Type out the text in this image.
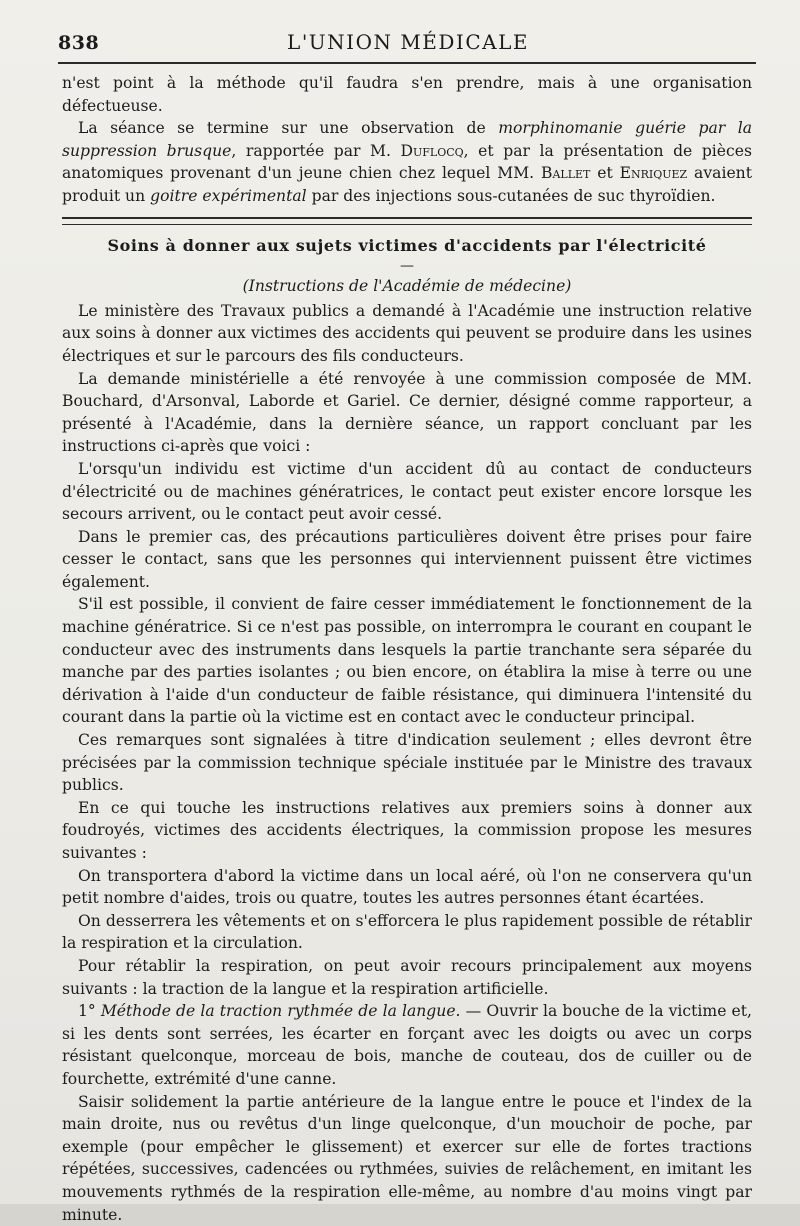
838	L'UNION MÉDICALE

n'est point à la méthode qu'il faudra s'en prendre, mais à une organisation défectueuse.

La séance se termine sur une observation de morphinomanie guérie par la suppression brusque, rapportée par M. Duflocq, et par la présentation de pièces anatomiques provenant d'un jeune chien chez lequel MM. Ballet et Enriquez avaient produit un goitre expérimental par des injections sous-cutanées de suc thyroïdien.

Soins à donner aux sujets victimes d'accidents par l'électricité
—
(Instructions de l'Académie de médecine)

Le ministère des Travaux publics a demandé à l'Académie une instruction relative aux soins à donner aux victimes des accidents qui peuvent se produire dans les usines électriques et sur le parcours des fils conducteurs.

La demande ministérielle a été renvoyée à une commission composée de MM. Bouchard, d'Arsonval, Laborde et Gariel. Ce dernier, désigné comme rapporteur, a présenté à l'Académie, dans la dernière séance, un rapport concluant par les instructions ci-après que voici :

L'orsqu'un individu est victime d'un accident dû au contact de conducteurs d'électricité ou de machines génératrices, le contact peut exister encore lorsque les secours arrivent, ou le contact peut avoir cessé.

Dans le premier cas, des précautions particulières doivent être prises pour faire cesser le contact, sans que les personnes qui interviennent puissent être victimes également.

S'il est possible, il convient de faire cesser immédiatement le fonctionnement de la machine génératrice. Si ce n'est pas possible, on interrompra le courant en coupant le conducteur avec des instruments dans lesquels la partie tranchante sera séparée du manche par des parties isolantes ; ou bien encore, on établira la mise à terre ou une dérivation à l'aide d'un conducteur de faible résistance, qui diminuera l'intensité du courant dans la partie où la victime est en contact avec le conducteur principal.

Ces remarques sont signalées à titre d'indication seulement ; elles devront être précisées par la commission technique spéciale instituée par le Ministre des travaux publics.

En ce qui touche les instructions relatives aux premiers soins à donner aux foudroyés, victimes des accidents électriques, la commission propose les mesures suivantes :

On transportera d'abord la victime dans un local aéré, où l'on ne conservera qu'un petit nombre d'aides, trois ou quatre, toutes les autres personnes étant écartées.

On desserrera les vêtements et on s'efforcera le plus rapidement possible de rétablir la respiration et la circulation.

Pour rétablir la respiration, on peut avoir recours principalement aux moyens suivants : la traction de la langue et la respiration artificielle.

1° Méthode de la traction rythmée de la langue. — Ouvrir la bouche de la victime et, si les dents sont serrées, les écarter en forçant avec les doigts ou avec un corps résistant quelconque, morceau de bois, manche de couteau, dos de cuiller ou de fourchette, extrémité d'une canne.

Saisir solidement la partie antérieure de la langue entre le pouce et l'index de la main droite, nus ou revêtus d'un linge quelconque, d'un mouchoir de poche, par exemple (pour empêcher le glissement) et exercer sur elle de fortes tractions répétées, successives, cadencées ou rythmées, suivies de relâchement, en imitant les mouvements rythmés de la respiration elle-même, au nombre d'au moins vingt par minute.
